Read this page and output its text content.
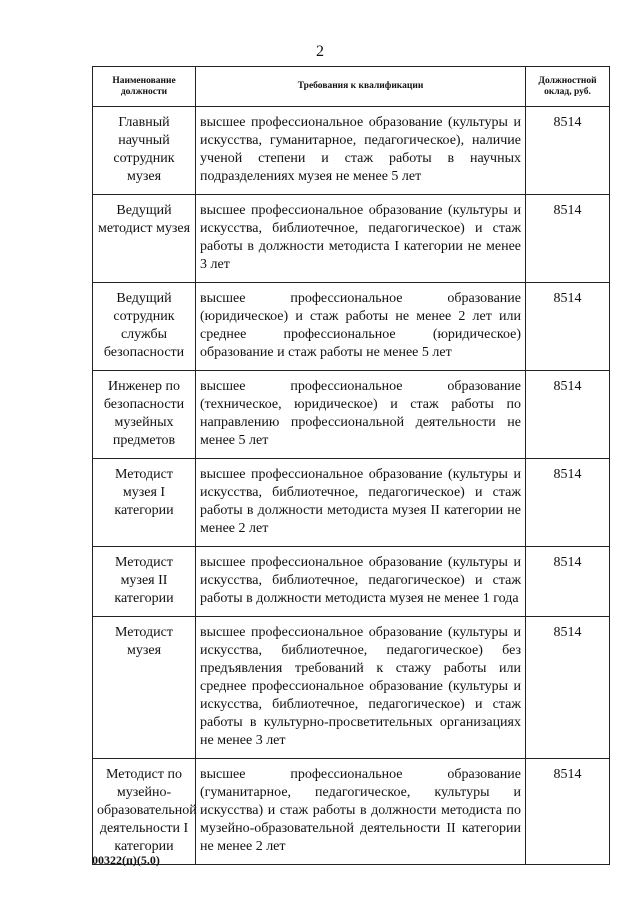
2
Наименование должности	Требования к квалификации	Должностной оклад, руб.
Главный научный сотрудник музея	высшее профессиональное образование (культуры и искусства, гуманитарное, педагогическое), наличие ученой степени и стаж работы в научных подразделениях музея не менее 5 лет	8514
Ведущий методист музея	высшее профессиональное образование (культуры и искусства, библиотечное, педагогическое) и стаж работы в должности методиста I категории не менее 3 лет	8514
Ведущий сотрудник службы безопасности	высшее профессиональное образование (юридическое) и стаж работы не менее 2 лет или среднее профессиональное (юридическое) образование и стаж работы не менее 5 лет	8514
Инженер по безопасности музейных предметов	высшее профессиональное образование (техническое, юридическое) и стаж работы по направлению профессиональной деятельности не менее 5 лет	8514
Методист музея I категории	высшее профессиональное образование (культуры и искусства, библиотечное, педагогическое) и стаж работы в должности методиста музея II категории не менее 2 лет	8514
Методист музея II категории	высшее профессиональное образование (культуры и искусства, библиотечное, педагогическое) и стаж работы в должности методиста музея не менее 1 года	8514
Методист музея	высшее профессиональное образование (культуры и искусства, библиотечное, педагогическое) без предъявления требований к стажу работы или среднее профессиональное образование (культуры и искусства, библиотечное, педагогическое) и стаж работы в культурно-просветительных организациях не менее 3 лет	8514
Методист по музейно-образовательной деятельности I категории	высшее профессиональное образование (гуманитарное, педагогическое, культуры и искусства) и стаж работы в должности методиста по музейно-образовательной деятельности II категории не менее 2 лет	8514
00322(п)(5.0)
